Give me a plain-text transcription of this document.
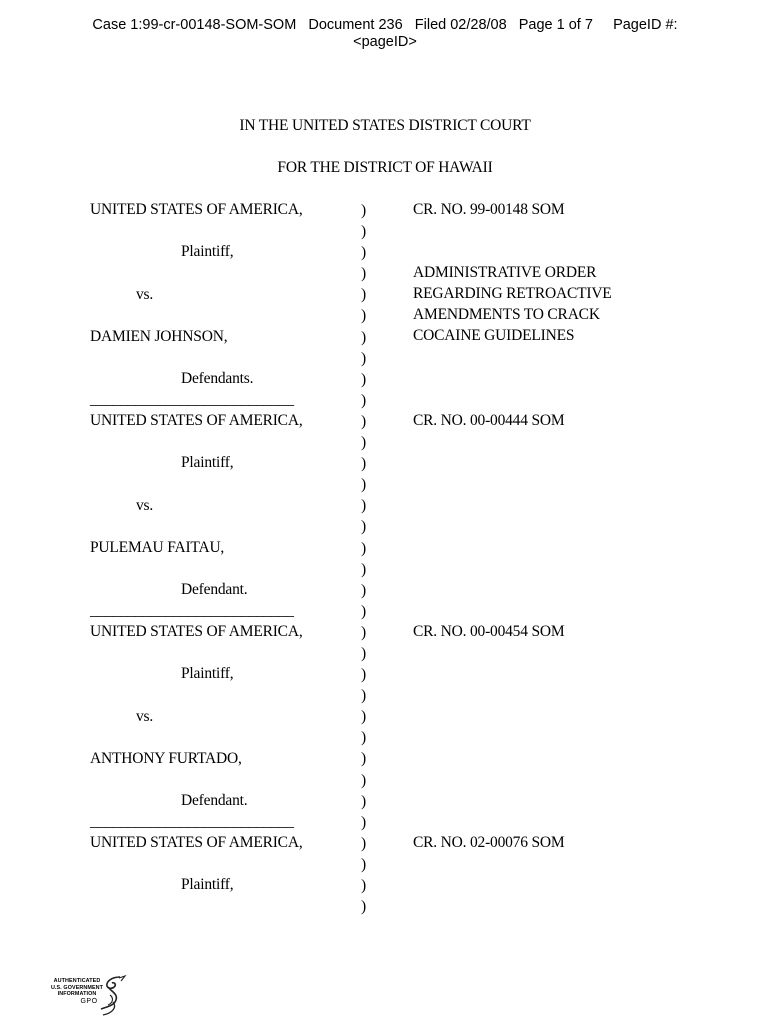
Case 1:99-cr-00148-SOM-SOM   Document 236   Filed 02/28/08   Page 1 of 7     PageID #:
<pageID>
IN THE UNITED STATES DISTRICT COURT
FOR THE DISTRICT OF HAWAII
UNITED STATES OF AMERICA,
Plaintiff,
vs.
DAMIEN JOHNSON,
Defendants.
___________________________
CR. NO. 99-00148 SOM
ADMINISTRATIVE ORDER
REGARDING RETROACTIVE
AMENDMENTS TO CRACK
COCAINE GUIDELINES
UNITED STATES OF AMERICA,
Plaintiff,
vs.
PULEMAU FAITAU,
Defendant.
___________________________
CR. NO. 00-00444 SOM
UNITED STATES OF AMERICA,
Plaintiff,
vs.
ANTHONY FURTADO,
Defendant.
___________________________
CR. NO. 00-00454 SOM
UNITED STATES OF AMERICA,
Plaintiff,
CR. NO. 02-00076 SOM
)
)
)
)
)
)
)
)
)
)
)
)
)
)
)
)
)
)
)
)
)
)
)
)
)
)
)
)
)
)
)
)
)
)
AUTHENTICATED
U.S. GOVERNMENT
INFORMATION
GPO
